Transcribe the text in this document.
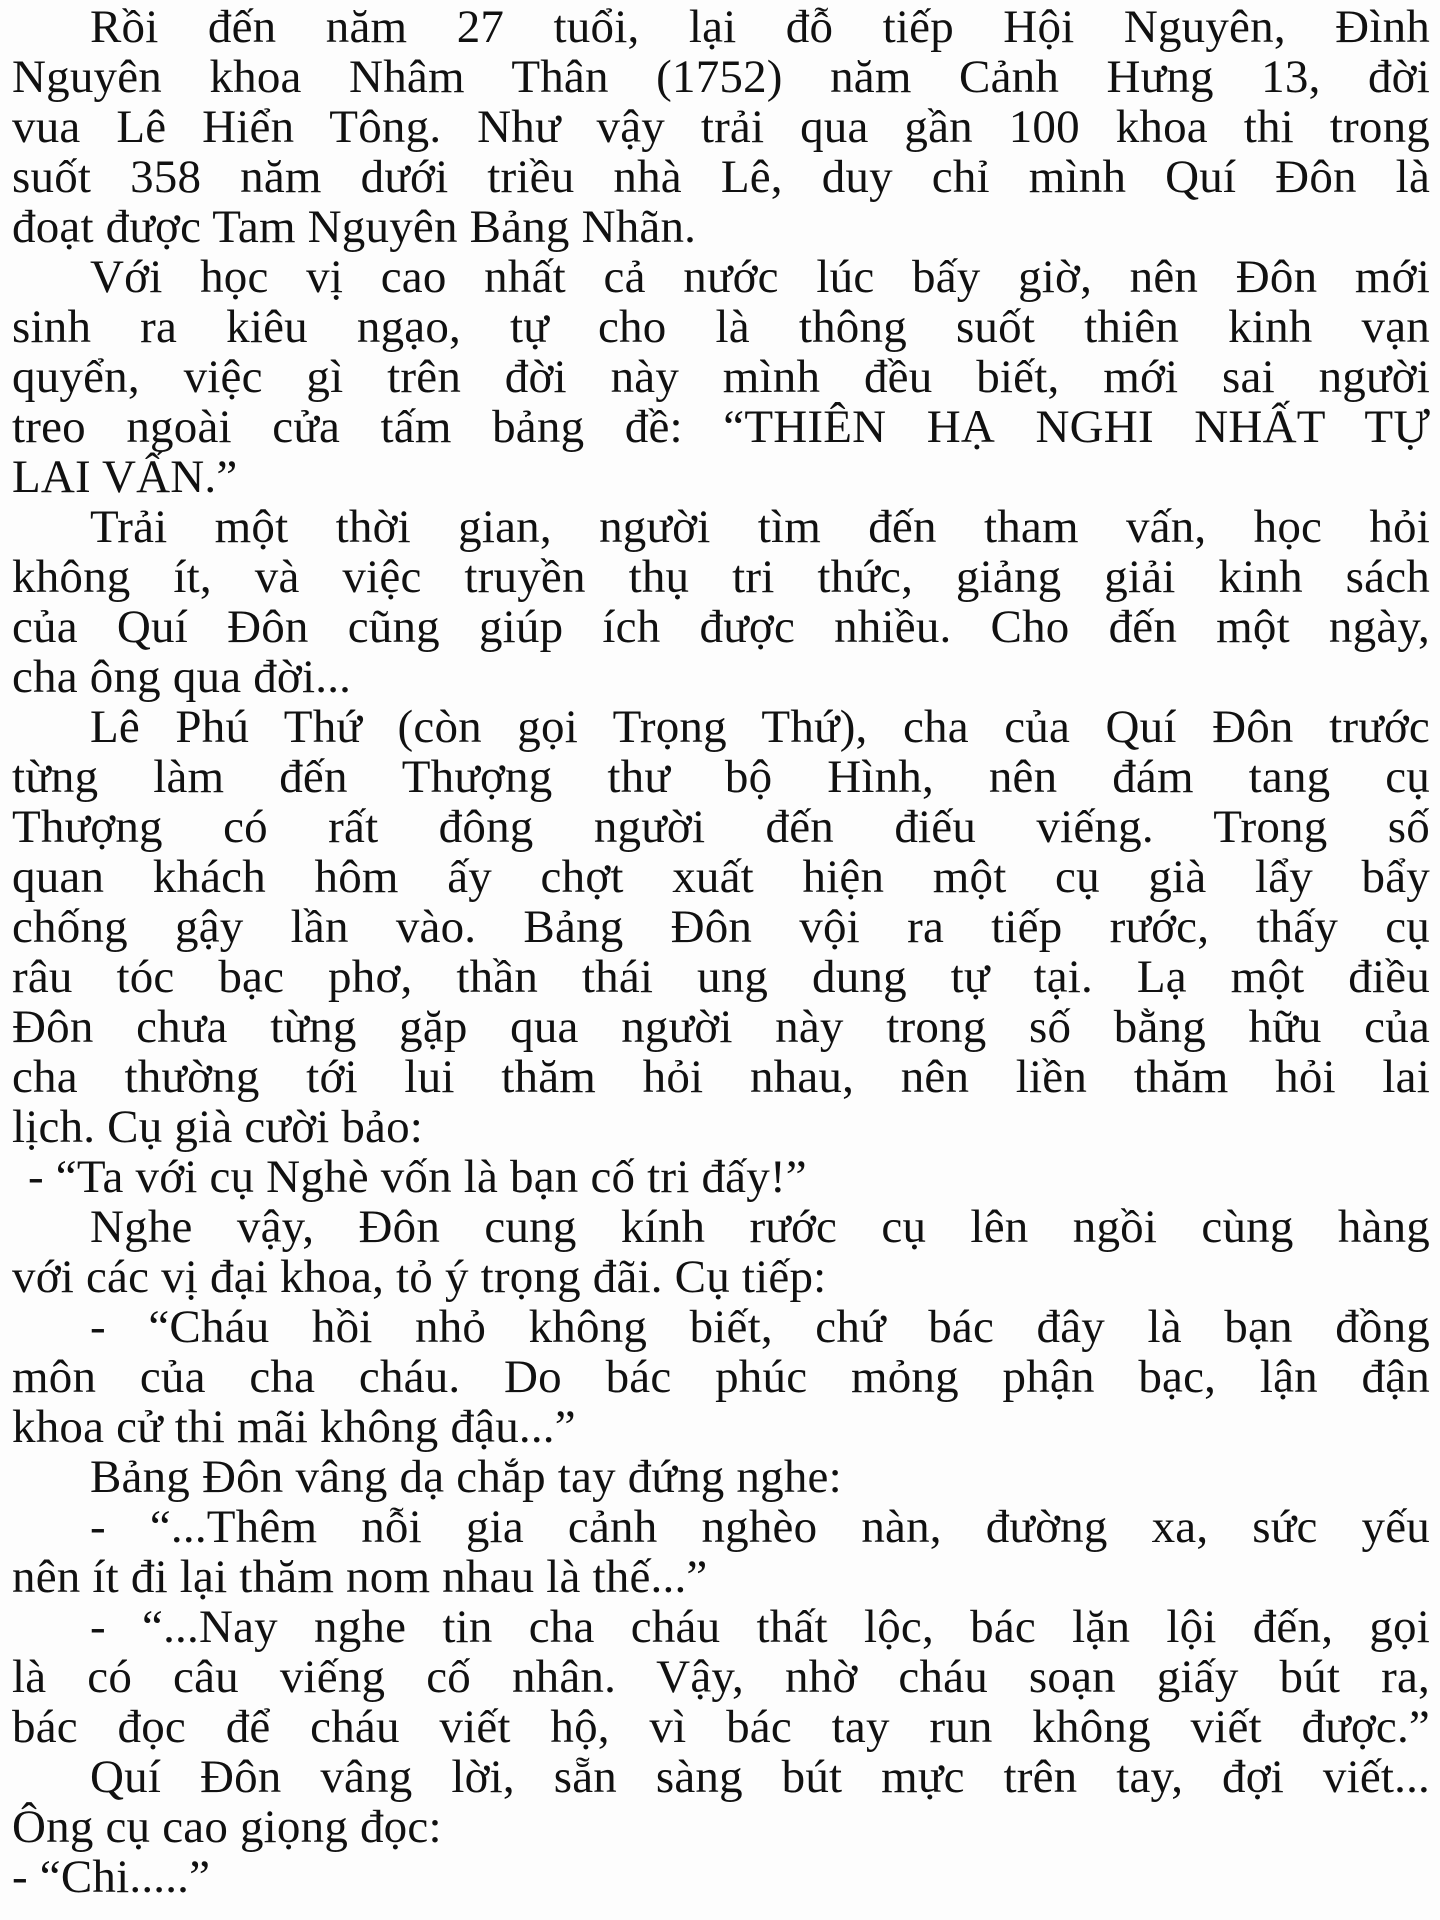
Rồi đến năm 27 tuổi, lại đỗ tiếp Hội Nguyên, Đình
Nguyên khoa Nhâm Thân (1752) năm Cảnh Hưng 13, đời
vua Lê Hiển Tông. Như vậy trải qua gần 100 khoa thi trong
suốt 358 năm dưới triều nhà Lê, duy chỉ mình Quí Đôn là
đoạt được Tam Nguyên Bảng Nhãn.
Với học vị cao nhất cả nước lúc bấy giờ, nên Đôn mới
sinh ra kiêu ngạo, tự cho là thông suốt thiên kinh vạn
quyển, việc gì trên đời này mình đều biết, mới sai người
treo ngoài cửa tấm bảng đề: “THIÊN HẠ NGHI NHẤT TỰ
LAI VẤN.”
Trải một thời gian, người tìm đến tham vấn, học hỏi
không ít, và việc truyền thụ tri thức, giảng giải kinh sách
của Quí Đôn cũng giúp ích được nhiều. Cho đến một ngày,
cha ông qua đời...
Lê Phú Thứ (còn gọi Trọng Thứ), cha của Quí Đôn trước
từng làm đến Thượng thư bộ Hình, nên đám tang cụ
Thượng có rất đông người đến điếu viếng. Trong số
quan khách hôm ấy chợt xuất hiện một cụ già lẩy bẩy
chống gậy lần vào. Bảng Đôn vội ra tiếp rước, thấy cụ
râu tóc bạc phơ, thần thái ung dung tự tại. Lạ một điều
Đôn chưa từng gặp qua người này trong số bằng hữu của
cha thường tới lui thăm hỏi nhau, nên liền thăm hỏi lai
lịch. Cụ già cười bảo:
- “Ta với cụ Nghè vốn là bạn cố tri đấy!”
Nghe vậy, Đôn cung kính rước cụ lên ngồi cùng hàng
với các vị đại khoa, tỏ ý trọng đãi. Cụ tiếp:
- “Cháu hồi nhỏ không biết, chứ bác đây là bạn đồng
môn của cha cháu. Do bác phúc mỏng phận bạc, lận đận
khoa cử thi mãi không đậu...”
Bảng Đôn vâng dạ chắp tay đứng nghe:
- “...Thêm nỗi gia cảnh nghèo nàn, đường xa, sức yếu
nên ít đi lại thăm nom nhau là thế...”
- “...Nay nghe tin cha cháu thất lộc, bác lặn lội đến, gọi
là có câu viếng cố nhân. Vậy, nhờ cháu soạn giấy bút ra,
bác đọc để cháu viết hộ, vì bác tay run không viết được.”
Quí Đôn vâng lời, sẵn sàng bút mực trên tay, đợi viết...
Ông cụ cao giọng đọc:
- “Chi.....”
